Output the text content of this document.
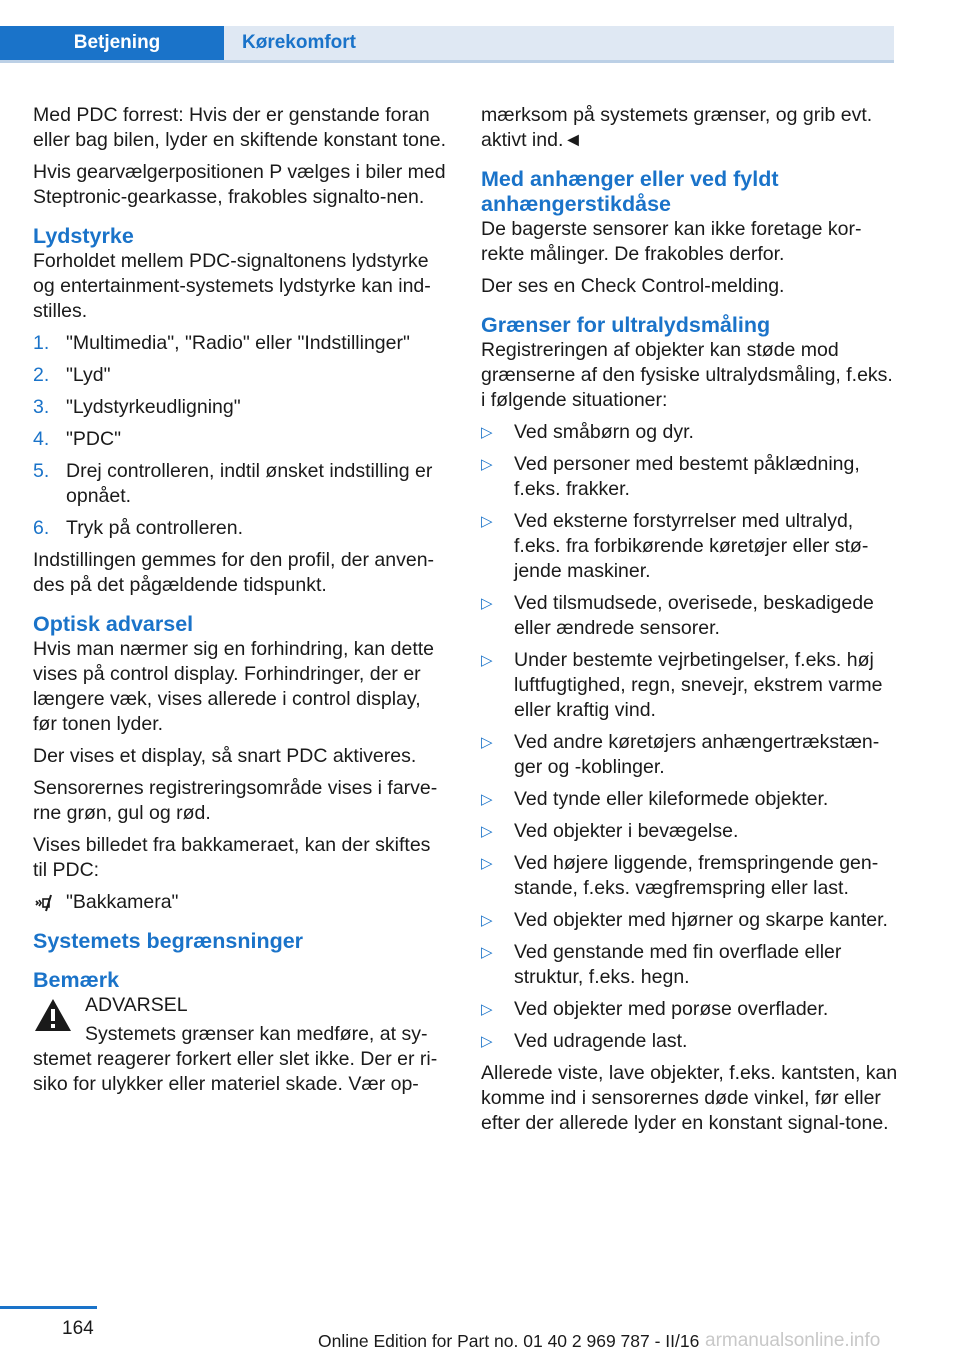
Betjening	Kørekomfort

Med PDC forrest: Hvis der er genstande foran eller bag bilen, lyder en skiftende konstant tone.

Hvis gearvælgerpositionen P vælges i biler med Steptronic-gearkasse, frakobles signalto-nen.

Lydstyrke

Forholdet mellem PDC-signaltonens lydstyrke og entertainment-systemets lydstyrke kan ind-stilles.

1. "Multimedia", "Radio" eller "Indstillinger"
2. "Lyd"
3. "Lydstyrkeudligning"
4. "PDC"
5. Drej controlleren, indtil ønsket indstilling er opnået.
6. Tryk på controlleren.

Indstillingen gemmes for den profil, der anven-des på det pågældende tidspunkt.

Optisk advarsel

Hvis man nærmer sig en forhindring, kan dette vises på control display. Forhindringer, der er længere væk, vises allerede i control display, før tonen lyder.

Der vises et display, så snart PDC aktiveres.

Sensorernes registreringsområde vises i farve-rne grøn, gul og rød.

Vises billedet fra bakkameraet, kan der skiftes til PDC:

"Bakkamera"
Systemets begrænsninger
Bemærk

ADVARSEL

Systemets grænser kan medføre, at sy-stemet reagerer forkert eller slet ikke. Der er ri-siko for ulykker eller materiel skade. Vær op-

mærksom på systemets grænser, og grib evt. aktivt ind.◄

Med anhænger eller ved fyldt anhængerstikdåse

De bagerste sensorer kan ikke foretage kor-rekte målinger. De frakobles derfor.

Der ses en Check Control-melding.

Grænser for ultralydsmåling

Registreringen af objekter kan støde mod grænserne af den fysiske ultralydsmåling, f.eks. i følgende situationer:

▷ Ved småbørn og dyr.
▷ Ved personer med bestemt påklædning, f.eks. frakker.
▷ Ved eksterne forstyrrelser med ultralyd, f.eks. fra forbikørende køretøjer eller stø-jende maskiner.
▷ Ved tilsmudsede, overisede, beskadigede eller ændrede sensorer.
▷ Under bestemte vejrbetingelser, f.eks. høj luftfugtighed, regn, snevejr, ekstrem varme eller kraftig vind.
▷ Ved andre køretøjers anhængertrækstæn-ger og -koblinger.
▷ Ved tynde eller kileformede objekter.
▷ Ved objekter i bevægelse.
▷ Ved højere liggende, fremspringende gen-stande, f.eks. vægfremspring eller last.
▷ Ved objekter med hjørner og skarpe kanter.
▷ Ved genstande med fin overflade eller struktur, f.eks. hegn.
▷ Ved objekter med porøse overflader.
▷ Ved udragende last.

Allerede viste, lave objekter, f.eks. kantsten, kan komme ind i sensorernes døde vinkel, før eller efter der allerede lyder en konstant signal-tone.

164
Online Edition for Part no. 01 40 2 969 787 - II/16 armanualsonline.info
